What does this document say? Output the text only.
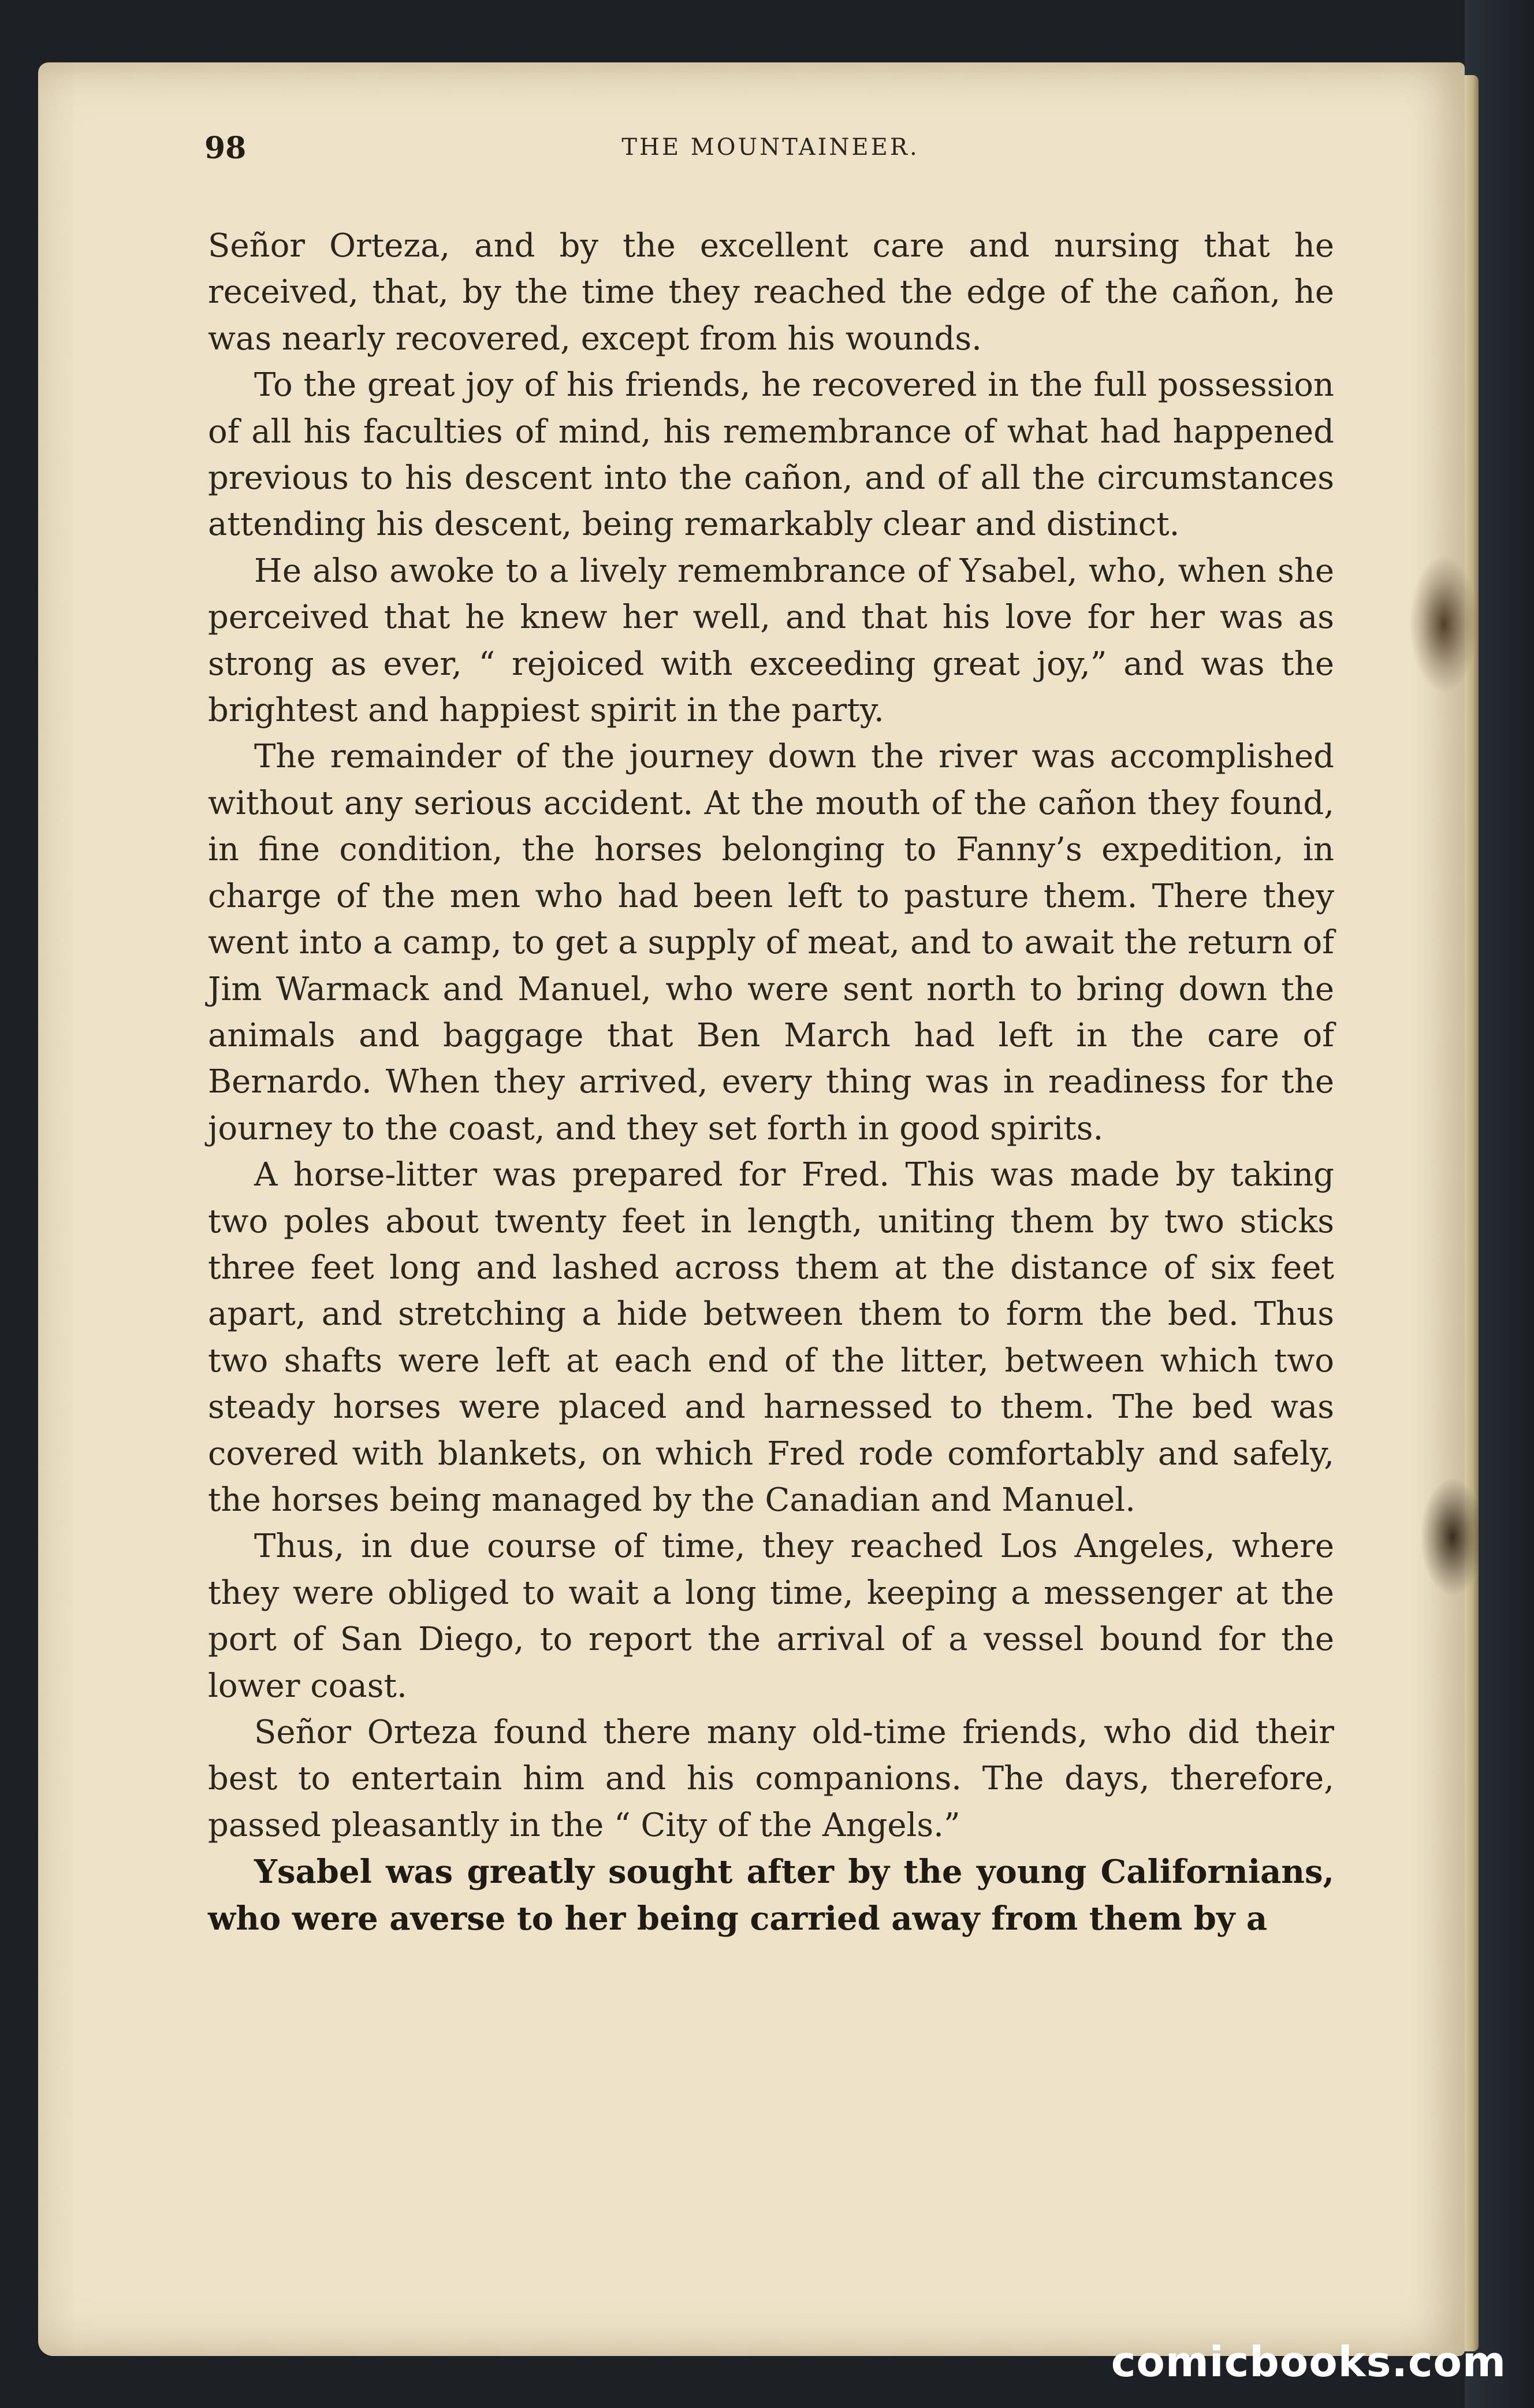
98	THE MOUNTAINEER.

Señor Orteza, and by the excellent care and nursing that he received, that, by the time they reached the edge of the cañon, he was nearly recovered, except from his wounds.

To the great joy of his friends, he recovered in the full possession of all his faculties of mind, his remembrance of what had happened previous to his descent into the cañon, and of all the circumstances attending his descent, being remarkably clear and distinct.

He also awoke to a lively remembrance of Ysabel, who, when she perceived that he knew her well, and that his love for her was as strong as ever, “ rejoiced with exceeding great joy,” and was the brightest and happiest spirit in the party.

The remainder of the journey down the river was accomplished without any serious accident. At the mouth of the cañon they found, in fine condition, the horses belonging to Fanny’s expedition, in charge of the men who had been left to pasture them. There they went into a camp, to get a supply of meat, and to await the return of Jim Warmack and Manuel, who were sent north to bring down the animals and baggage that Ben March had left in the care of Bernardo. When they arrived, every thing was in readiness for the journey to the coast, and they set forth in good spirits.

A horse-litter was prepared for Fred. This was made by taking two poles about twenty feet in length, uniting them by two sticks three feet long and lashed across them at the distance of six feet apart, and stretching a hide between them to form the bed. Thus two shafts were left at each end of the litter, between which two steady horses were placed and harnessed to them. The bed was covered with blankets, on which Fred rode comfortably and safely, the horses being managed by the Canadian and Manuel.

Thus, in due course of time, they reached Los Angeles, where they were obliged to wait a long time, keeping a messenger at the port of San Diego, to report the arrival of a vessel bound for the lower coast.

Señor Orteza found there many old-time friends, who did their best to entertain him and his companions. The days, therefore, passed pleasantly in the “ City of the Angels.”

Ysabel was greatly sought after by the young Californians, who were averse to her being carried away from them by a

comicbooks.com
